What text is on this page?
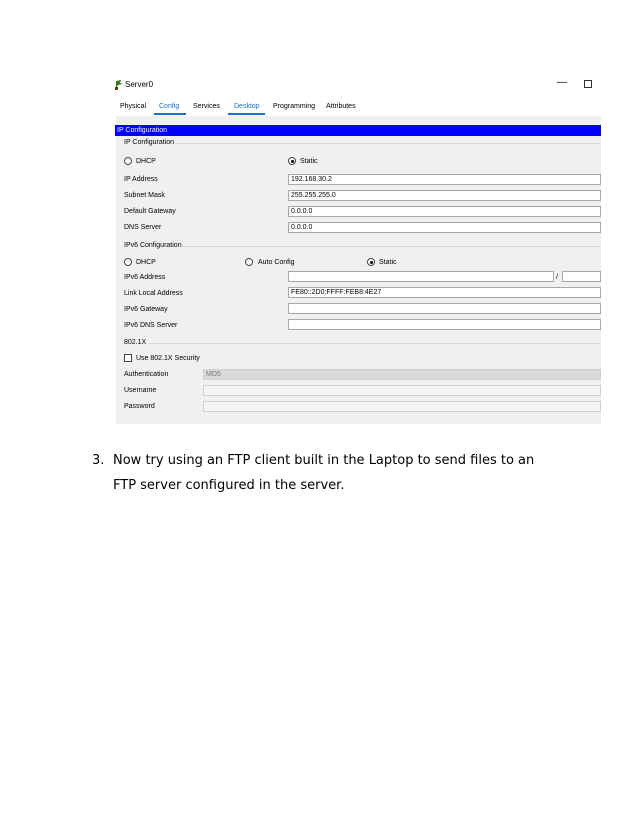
Server0	—
Physical Config Services Desktop Programming Attributes
IP Configuration
IP Configuration
DHCP	Static
IP Address	192.168.30.2
Subnet Mask	255.255.255.0
Default Gateway	0.0.0.0
DNS Server	0.0.0.0
IPv6 Configuration
DHCP	Auto Config	Static
IPv6 Address	/
Link Local Address	FE80::2D0:FFFF:FEB8:4E27
IPv6 Gateway
IPv6 DNS Server
802.1X
Use 802.1X Security
Authentication	MD5
Username
Password
3. Now try using an FTP client built in the Laptop to send files to an
FTP server configured in the server.
